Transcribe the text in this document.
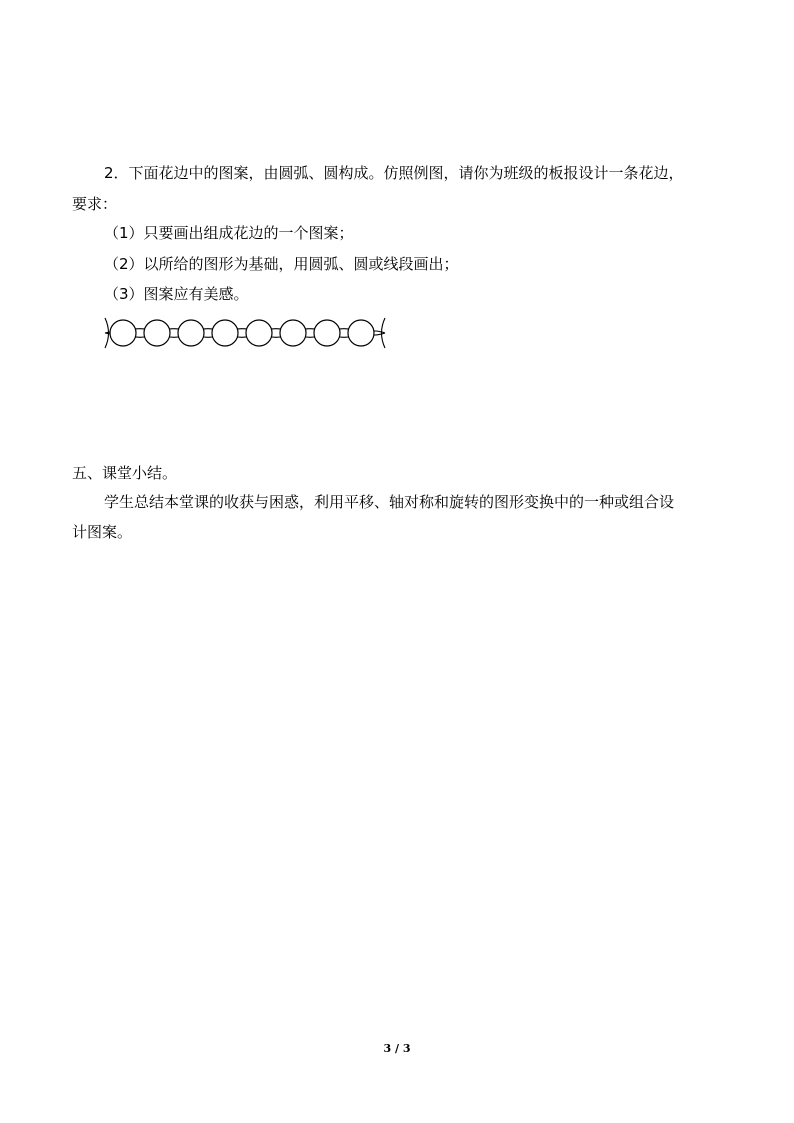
2．下面花边中的图案，由圆弧、圆构成。仿照例图，请你为班级的板报设计一条花边，
要求：
（1）只要画出组成花边的一个图案；
（2）以所给的图形为基础，用圆弧、圆或线段画出；
（3）图案应有美感。
五、课堂小结。
学生总结本堂课的收获与困惑，利用平移、轴对称和旋转的图形变换中的一种或组合设
计图案。
3 / 3
